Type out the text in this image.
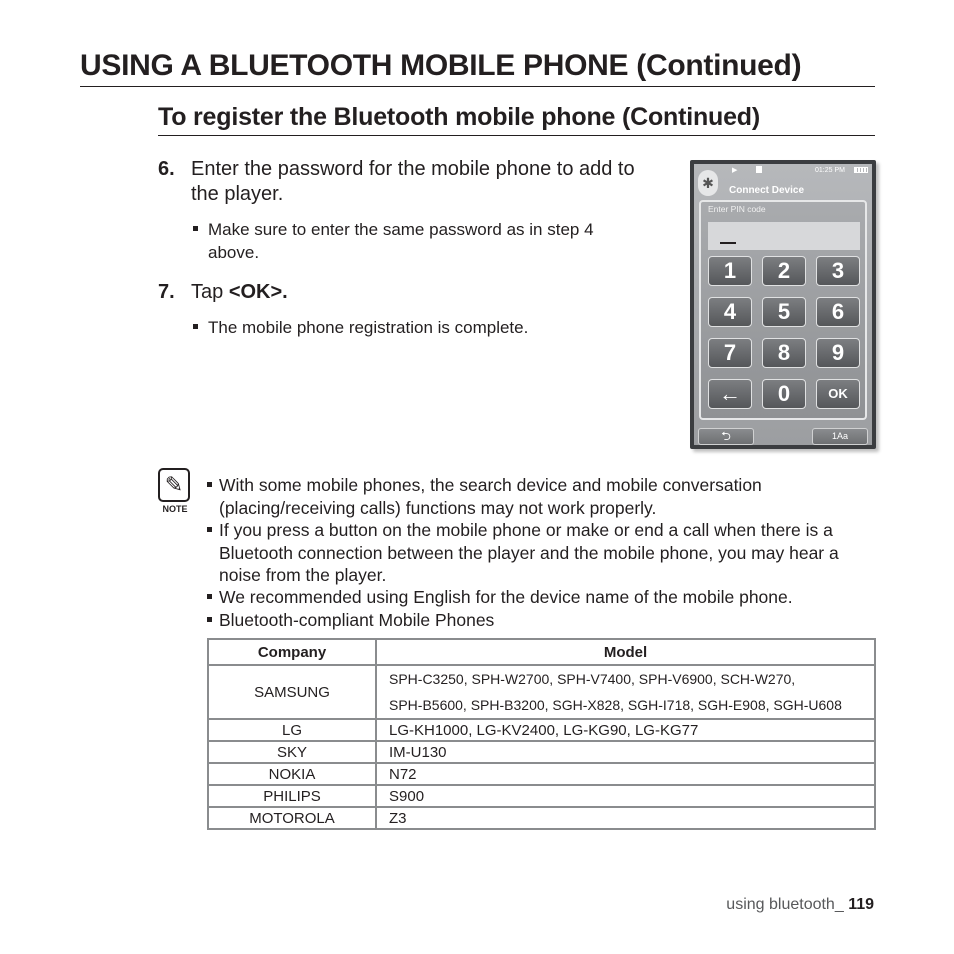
USING A BLUETOOTH MOBILE PHONE (Continued)
To register the Bluetooth mobile phone (Continued)
6. Enter the password for the mobile phone to add to the player.
Make sure to enter the same password as in step 4 above.
7. Tap <OK>.
The mobile phone registration is complete.
▶	01:25 PM
✱	Connect Device
Enter PIN code
1	2	3
4	5	6
7	8	9
←	0	OK
⮌	1Aa
✎
NOTE
With some mobile phones, the search device and mobile conversation (placing/receiving calls) functions may not work properly.
If you press a button on the mobile phone or make or end a call when there is a Bluetooth connection between the player and the mobile phone, you may hear a noise from the player.
We recommended using English for the device name of the mobile phone.
Bluetooth-compliant Mobile Phones
Company	Model
SAMSUNG	SPH-C3250, SPH-W2700, SPH-V7400, SPH-V6900, SCH-W270,
SPH-B5600, SPH-B3200, SGH-X828, SGH-I718, SGH-E908, SGH-U608

LG	LG-KH1000, LG-KV2400, LG-KG90, LG-KG77
SKY	IM-U130
NOKIA	N72
PHILIPS	S900
MOTOROLA	Z3
using bluetooth_ 119
